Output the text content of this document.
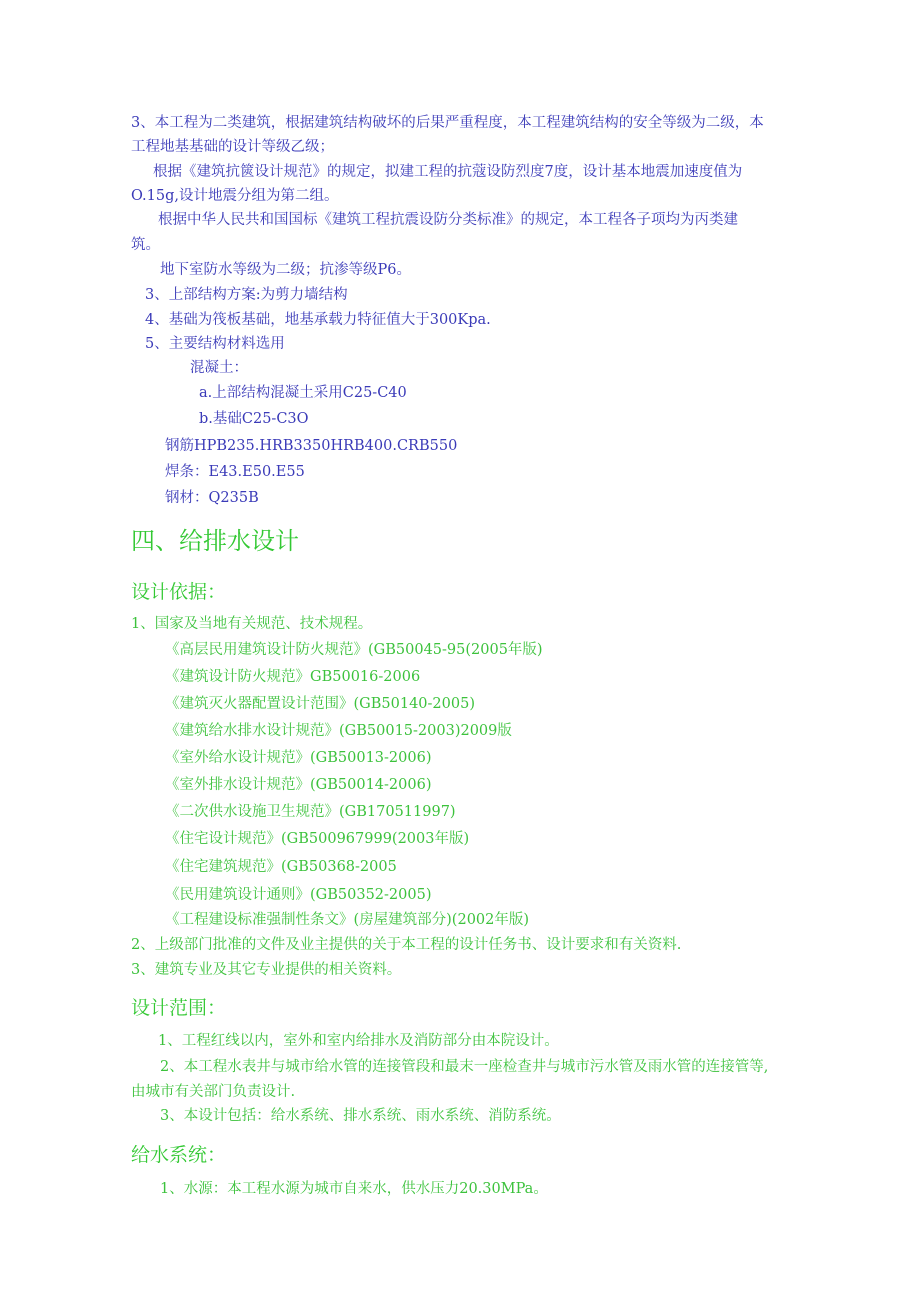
3、本工程为二类建筑，根据建筑结构破坏的后果严重程度，本工程建筑结构的安全等级为二级，本
工程地基基础的设计等级乙级；
根据《建筑抗篋设计规范》的规定，拟建工程的抗蔻设防烈度7度，设计基本地震加速度值为
O.15g,设计地震分组为第二组。
根据中华人民共和国国标《建筑工程抗震设防分类标准》的规定，本工程各子项均为丙类建
筑。
地下室防水等级为二级；抗渗等级P6。
3、上部结构方案:为剪力墙结构
4、基础为筏板基础，地基承载力特征值大于300Kpa.
5、主要结构材料选用
混凝土：
a.上部结构混凝土采用C25-C40
b.基础C25-C3O
钢筋HPB235.HRB3350HRB400.CRB550
焊条：E43.E50.E55
钢材：Q235B
四、给排水设计
设计依据：
1、国家及当地有关规范、技术规程。
《高层民用建筑设计防火规范》(GB50045-95(2005年版)
《建筑设计防火规范》GB50016-2006
《建筑灭火器配置设计范围》(GB50140-2005)
《建筑给水排水设计规范》(GB50015-2003)2009版
《室外给水设计规范》(GB50013-2006)
《室外排水设计规范》(GB50014-2006)
《二次供水设施卫生规范》(GB170511997)
《住宅设计规范》(GB500967999(2003年版)
《住宅建筑规范》(GB50368-2005
《民用建筑设计通则》(GB50352-2005)
《工程建设标准强制性条文》(房屋建筑部分)(2002年版)
2、上级部门批准的文件及业主提供的关于本工程的设计任务书、设计要求和有关资料.
3、建筑专业及其它专业提供的相关资料。
设计范围：
1、工程红线以内，室外和室内给排水及消防部分由本院设计。
2、本工程水表井与城市给水管的连接管段和最末一座检查井与城市污水管及雨水管的连接管等,
由城市有关部门负责设计.
3、本设计包括：给水系统、排水系统、雨水系统、消防系统。
给水系统：
1、水源：本工程水源为城市自来水，供水压力20.30MPa。
